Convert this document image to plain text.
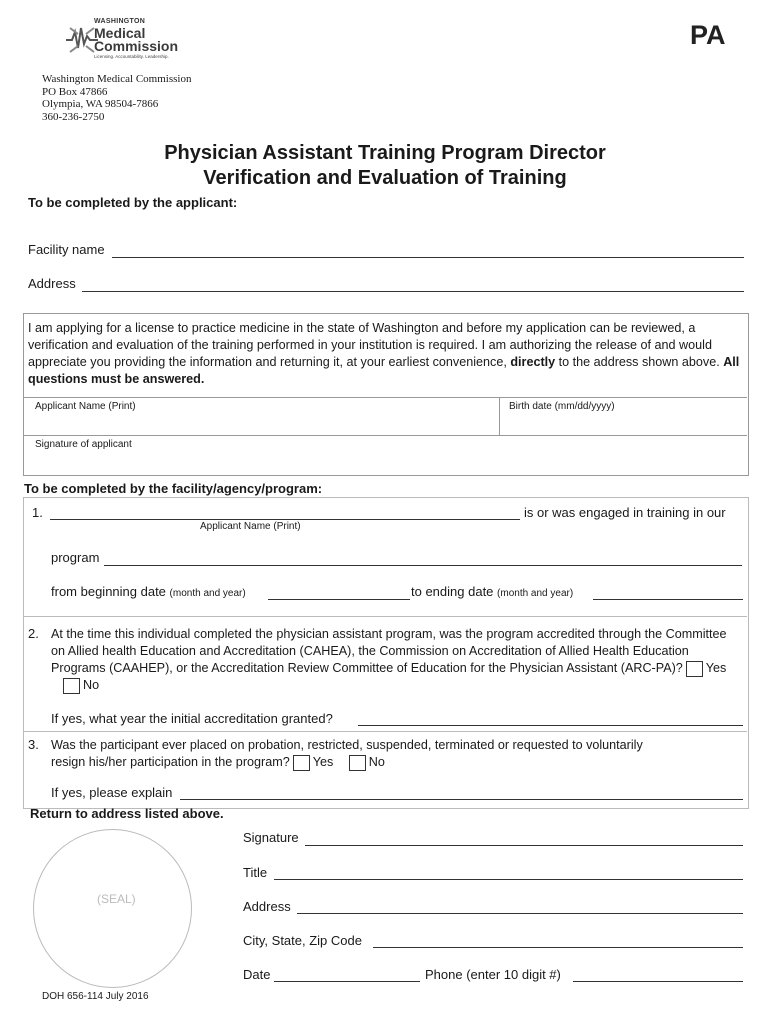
WASHINGTON
Medical
Commission
Licensing. Accountability. Leadership.
PA
Washington Medical Commission
PO Box 47866
Olympia, WA 98504-7866
360-236-2750
Physician Assistant Training Program Director
Verification and Evaluation of Training
To be completed by the applicant:
Facility name
Address
I am applying for a license to practice medicine in the state of Washington and before my application can be reviewed, a verification and evaluation of the training performed in your institution is required. I am authorizing the release of and would appreciate you providing the information and returning it, at your earliest convenience, directly to the address shown above. All questions must be answered.
Applicant Name (Print)	Birth date (mm/dd/yyyy)
Signature of applicant
To be completed by the facility/agency/program:
1.	is or was engaged in training in our
Applicant Name (Print)
program
from beginning date (month and year)	to ending date (month and year)
2. At the time this individual completed the physician assistant program, was the program accredited through the Committee on Allied health Education and Accreditation (CAHEA), the Commission on Accreditation of Allied Health Education Programs (CAAHEP), or the Accreditation Review Committee of Education for the Physician Assistant (ARC-PA)? Yes No
If yes, what year the initial accreditation granted?
3. Was the participant ever placed on probation, restricted, suspended, terminated or requested to voluntarily resign his/her participation in the program? Yes	No
If yes, please explain
Return to address listed above.
(SEAL)
Signature
Title
Address
City, State, Zip Code
Date	Phone (enter 10 digit #)
DOH 656-114 July 2016
